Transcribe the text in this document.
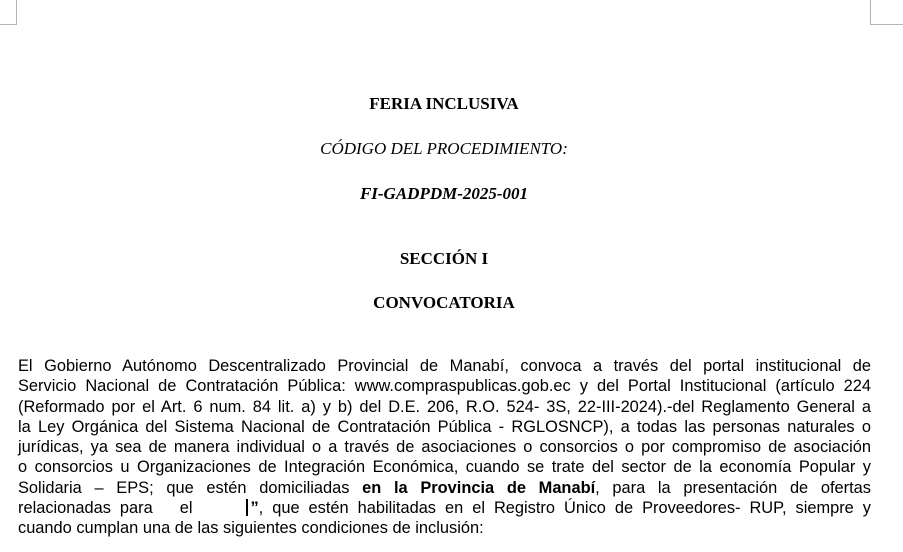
FERIA INCLUSIVA
CÓDIGO DEL PROCEDIMIENTO:
FI-GADPDM-2025-001
SECCIÓN I
CONVOCATORIA
El Gobierno Autónomo Descentralizado Provincial de Manabí, convoca a través del portal institucional de
Servicio Nacional de Contratación Pública: www.compraspublicas.gob.ec y del Portal Institucional (artículo 224
(Reformado por el Art. 6 num. 84 lit. a) y b) del D.E. 206, R.O. 524- 3S, 22-III-2024).-del Reglamento General a
la Ley Orgánica del Sistema Nacional de Contratación Pública - RGLOSNCP), a todas las personas naturales o
jurídicas, ya sea de manera individual o a través de asociaciones o consorcios o por compromiso de asociación
o consorcios u Organizaciones de Integración Económica, cuando se trate del sector de la economía Popular y
Solidaria – EPS; que estén domiciliadas en la Provincia de Manabí, para la presentación de ofertas
relacionadas para   el	”, que estén habilitadas en el Registro Único de Proveedores- RUP, siempre y
cuando cumplan una de las siguientes condiciones de inclusión:
